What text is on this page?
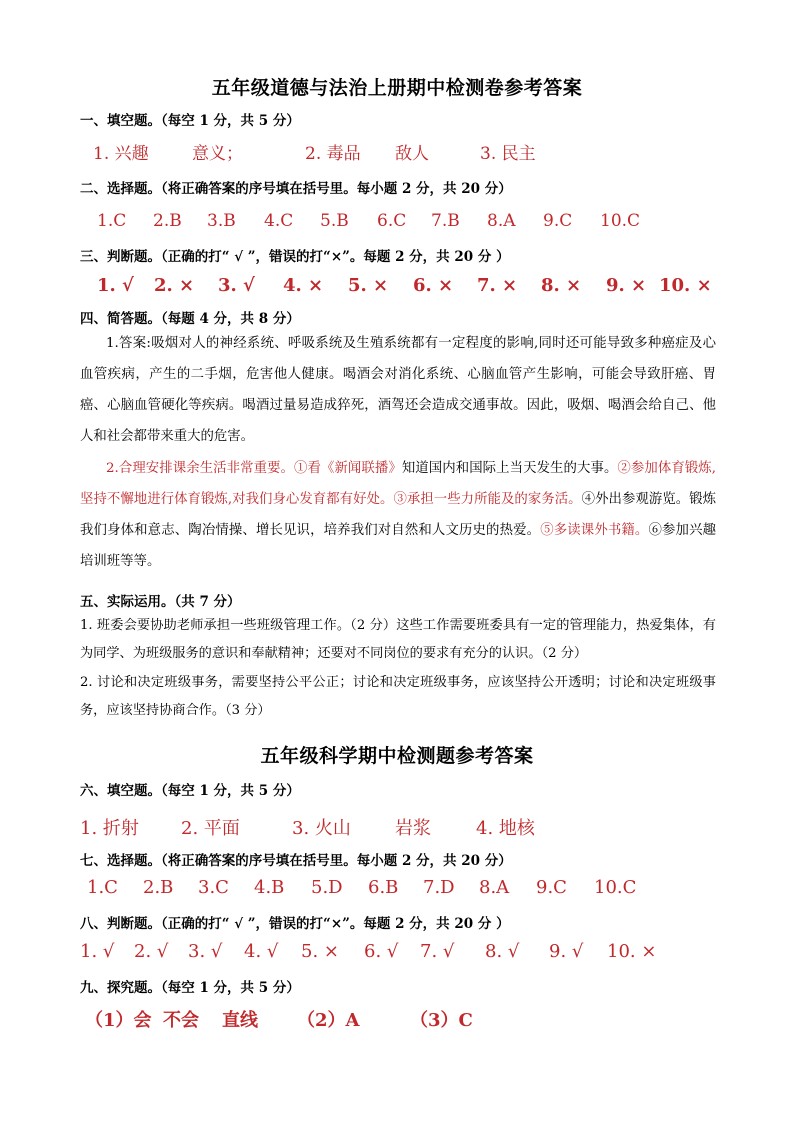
五年级道德与法治上册期中检测卷参考答案
一、填空题。（每空 1 分，共 5 分）
1. 兴趣	意义；	2. 毒品 敌人	3. 民主
二、选择题。（将正确答案的序号填在括号里。每小题 2 分，共 20 分）
1.C 2.B 3.B 4.C 5.B 6.C 7.B 8.A 9.C 10.C
三、判断题。（正确的打“ √ ”，错误的打“×”。每题 2 分，共 20 分 ）
1. √ 2. × 3. √ 4. × 5. × 6. × 7. × 8. × 9. × 10. ×
四、简答题。（每题 4 分，共 8 分）

1.答案:吸烟对人的神经系统、呼吸系统及生殖系统都有一定程度的影响,同时还可能导致多种癌症及心血管疾病，产生的二手烟，危害他人健康。喝酒会对消化系统、心脑血管产生影响，可能会导致肝癌、胃癌、心脑血管硬化等疾病。喝酒过量易造成猝死，酒驾还会造成交通事故。因此，吸烟、喝酒会给自己、他人和社会都带来重大的危害。

2.合理安排课余生活非常重要。①看《新闻联播》知道国内和国际上当天发生的大事。②参加体育锻炼,坚持不懈地进行体育锻炼,对我们身心发育都有好处。③承担一些力所能及的家务活。④外出参观游览。锻炼我们身体和意志、陶冶情操、增长见识，培养我们对自然和人文历史的热爱。⑤多读课外书籍。⑥参加兴趣培训班等等。

五、实际运用。（共 7 分）

1. 班委会要协助老师承担一些班级管理工作。（2 分）这些工作需要班委具有一定的管理能力，热爱集体，有为同学、为班级服务的意识和奉献精神；还要对不同岗位的要求有充分的认识。（2 分）

2. 讨论和决定班级事务，需要坚持公平公正；讨论和决定班级事务，应该坚持公开透明；讨论和决定班级事务，应该坚持协商合作。（3 分）

五年级科学期中检测题参考答案
六、填空题。（每空 1 分，共 5 分）
1. 折射 2. 平面	3. 火山 岩浆	4. 地核
七、选择题。（将正确答案的序号填在括号里。每小题 2 分，共 20 分）
1.C 2.B 3.C 4.B 5.D 6.B 7.D 8.A 9.C 10.C
八、判断题。（正确的打“ √ ”，错误的打“×”。每题 2 分，共 20 分 ）
1. √ 2. √ 3. √ 4. √ 5. × 6. √ 7. √ 8. √ 9. √ 10. ×
九、探究题。（每空 1 分，共 5 分）
（1）会 不会 直线 （2）A	（3）C
